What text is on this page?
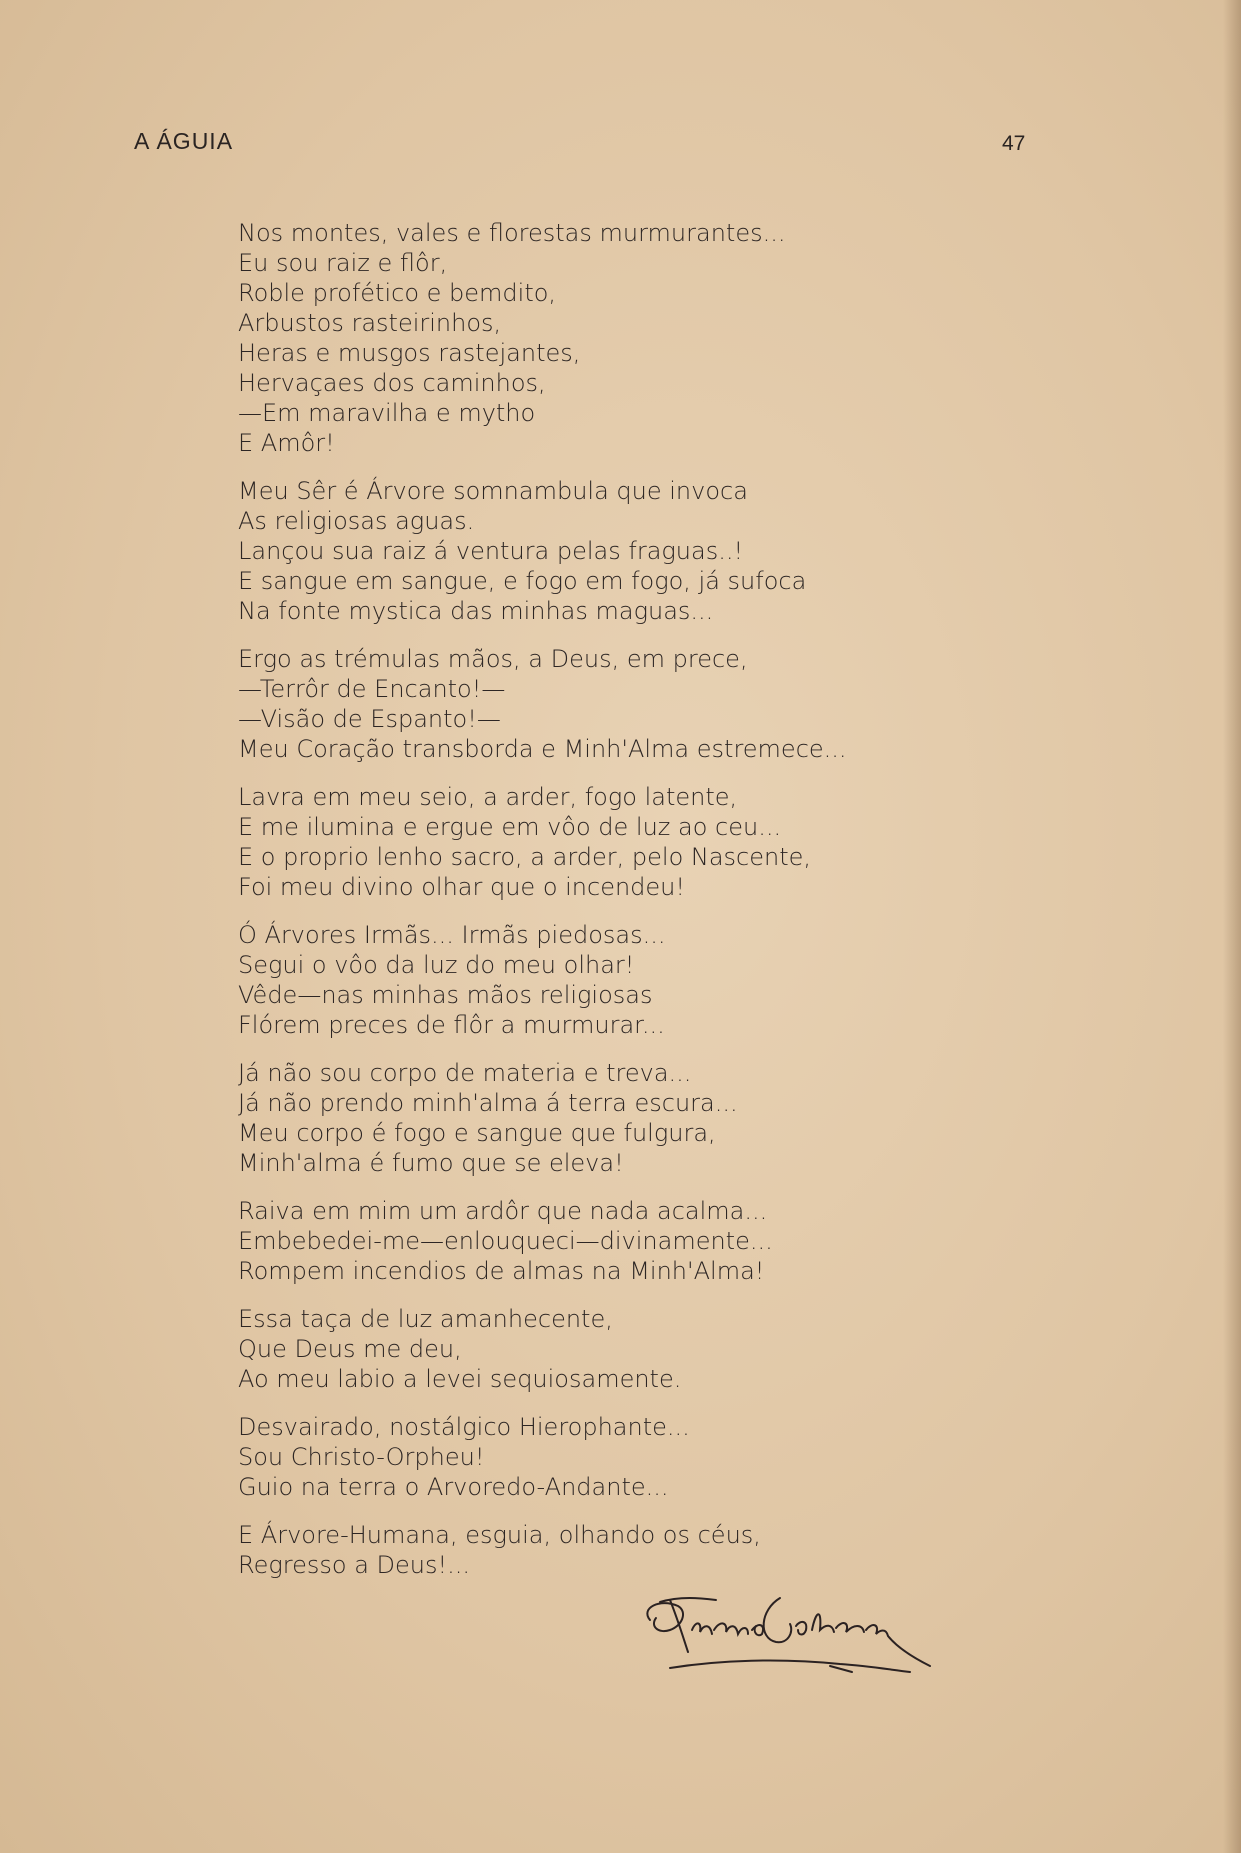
A ÁGUIA	47
Nos montes, vales e florestas murmurantes...
Eu sou raiz e flôr,
Roble profético e bemdito,
Arbustos rasteirinhos,
Heras e musgos rastejantes,
Hervaçaes dos caminhos,
—Em maravilha e mytho
E Amôr!
Meu Sêr é Árvore somnambula que invoca
As religiosas aguas.
Lançou sua raiz á ventura pelas fraguas..!
E sangue em sangue, e fogo em fogo, já sufoca
Na fonte mystica das minhas maguas...
Ergo as trémulas mãos, a Deus, em prece,
—Terrôr de Encanto!—
—Visão de Espanto!—
Meu Coração transborda e Minh'Alma estremece...
Lavra em meu seio, a arder, fogo latente,
E me ilumina e ergue em vôo de luz ao ceu...
E o proprio lenho sacro, a arder, pelo Nascente,
Foi meu divino olhar que o incendeu!
Ó Árvores Irmãs... Irmãs piedosas...
Segui o vôo da luz do meu olhar!
Vêde—nas minhas mãos religiosas
Flórem preces de flôr a murmurar...
Já não sou corpo de materia e treva...
Já não prendo minh'alma á terra escura...
Meu corpo é fogo e sangue que fulgura,
Minh'alma é fumo que se eleva!
Raiva em mim um ardôr que nada acalma...
Embebedei-me—enlouqueci—divinamente...
Rompem incendios de almas na Minh'Alma!
Essa taça de luz amanhecente,
Que Deus me deu,
Ao meu labio a levei sequiosamente.
Desvairado, nostálgico Hierophante...
Sou Christo-Orpheu!
Guio na terra o Arvoredo-Andante...
E Árvore-Humana, esguia, olhando os céus,
Regresso a Deus!...
